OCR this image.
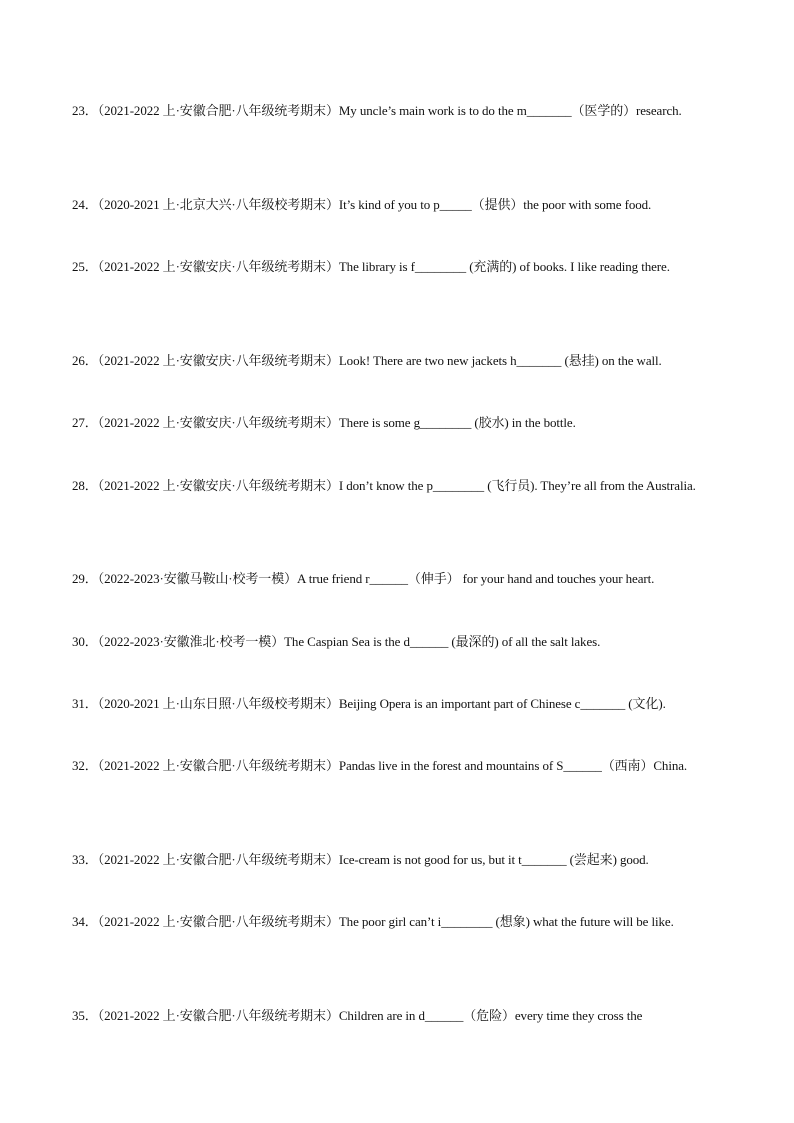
23．（2021-2022 上·安徽合肥·八年级统考期末）My uncle’s main work is to do the m_______（医学的）research.
24．（2020-2021 上·北京大兴·八年级校考期末）It’s kind of you to p_____（提供）the poor with some food.
25．（2021-2022 上·安徽安庆·八年级统考期末）The library is f________ (充满的) of books. I like reading there.
26．（2021-2022 上·安徽安庆·八年级统考期末）Look! There are two new jackets h_______ (悬挂) on the wall.
27．（2021-2022 上·安徽安庆·八年级统考期末）There is some g________ (胶水) in the bottle.
28．（2021-2022 上·安徽安庆·八年级统考期末）I don’t know the p________ (飞行员). They’re all from the Australia.
29．（2022-2023·安徽马鞍山·校考一模）A true friend r______（伸手） for your hand and touches your heart.
30．（2022-2023·安徽淮北·校考一模）The Caspian Sea is the d______ (最深的) of all the salt lakes.
31．（2020-2021 上·山东日照·八年级校考期末）Beijing Opera is an important part of Chinese c_______ (文化).
32．（2021-2022 上·安徽合肥·八年级统考期末）Pandas live in the forest and mountains of S______（西南）China.
33．（2021-2022 上·安徽合肥·八年级统考期末）Ice-cream is not good for us, but it t_______ (尝起来) good.
34．（2021-2022 上·安徽合肥·八年级统考期末）The poor girl can’t i________ (想象) what the future will be like.
35．（2021-2022 上·安徽合肥·八年级统考期末）Children are in d______（危险）every time they cross the
